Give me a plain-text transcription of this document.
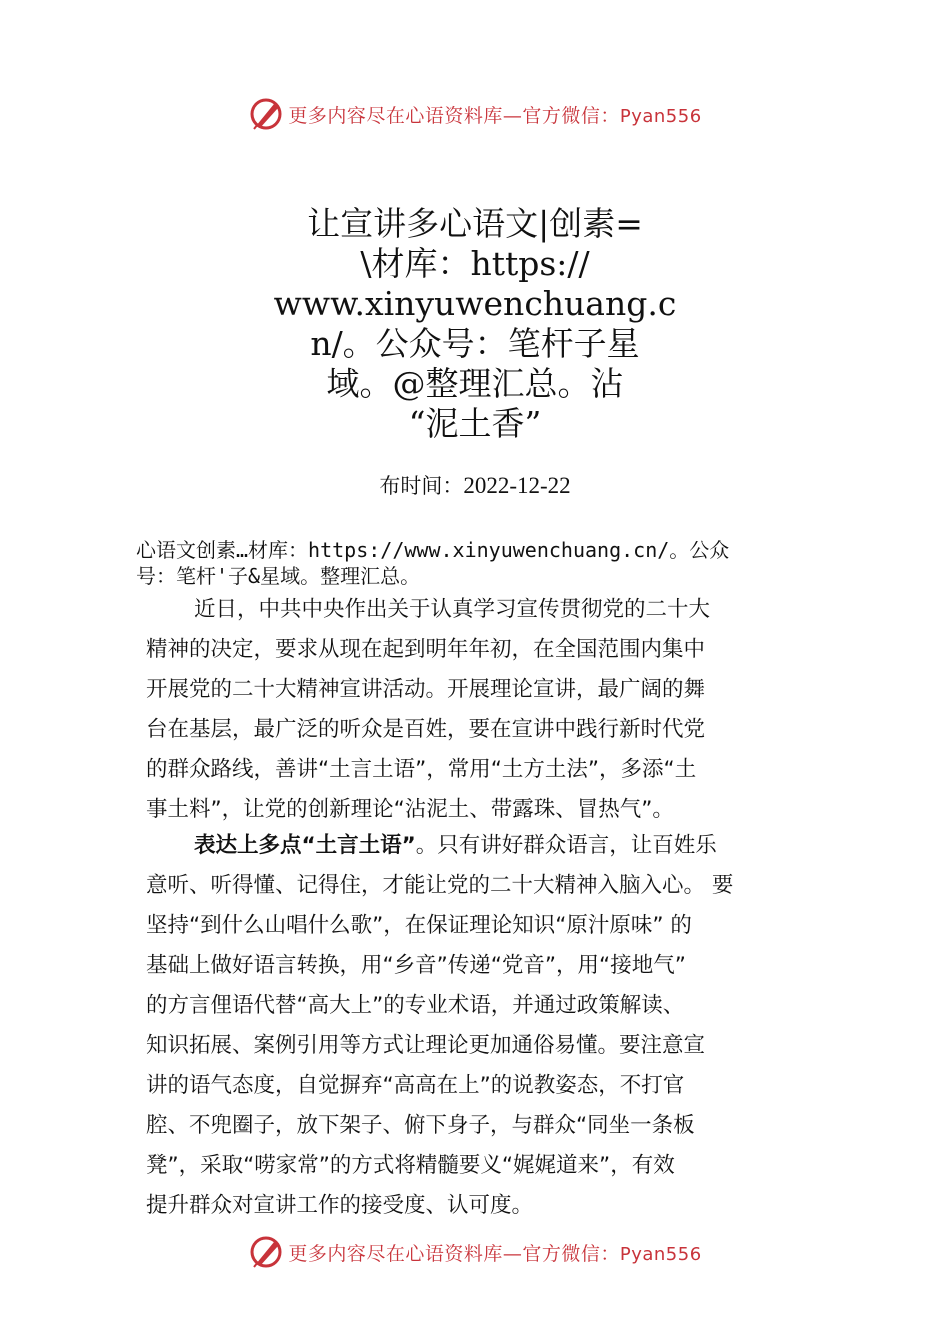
更多内容尽在心语资料库—官方微信：Pyan556
让宣讲多心语文|创素=
\材库：https://
www.xinyuwenchuang.c
n/。公众号：笔杆子星
域。@整理汇总。沾
“泥土香”
布时间：2022-12-22
心语文创素…材库：https://www.xinyuwenchuang.cn/。公众
号：笔杆'子&星域。整理汇总。
近日，中共中央作出关于认真学习宣传贯彻党的二十大
精神的决定，要求从现在起到明年年初，在全国范围内集中
开展党的二十大精神宣讲活动。开展理论宣讲，最广阔的舞
台在基层，最广泛的听众是百姓，要在宣讲中践行新时代党
的群众路线，善讲“土言土语”，常用“土方土法”，多添“土
事土料”，让党的创新理论“沾泥土、带露珠、冒热气”。
表达上多点“土言土语”。只有讲好群众语言，让百姓乐
意听、听得懂、记得住，才能让党的二十大精神入脑入心。 要
坚持“到什么山唱什么歌”，在保证理论知识“原汁原味” 的
基础上做好语言转换，用“乡音”传递“党音”，用“接地气”
的方言俚语代替“高大上”的专业术语，并通过政策解读、
知识拓展、案例引用等方式让理论更加通俗易懂。要注意宣
讲的语气态度，自觉摒弃“高高在上”的说教姿态，不打官
腔、不兜圈子，放下架子、俯下身子，与群众“同坐一条板
凳”，采取“唠家常”的方式将精髓要义“娓娓道来”，有效
提升群众对宣讲工作的接受度、认可度。
更多内容尽在心语资料库—官方微信：Pyan556
